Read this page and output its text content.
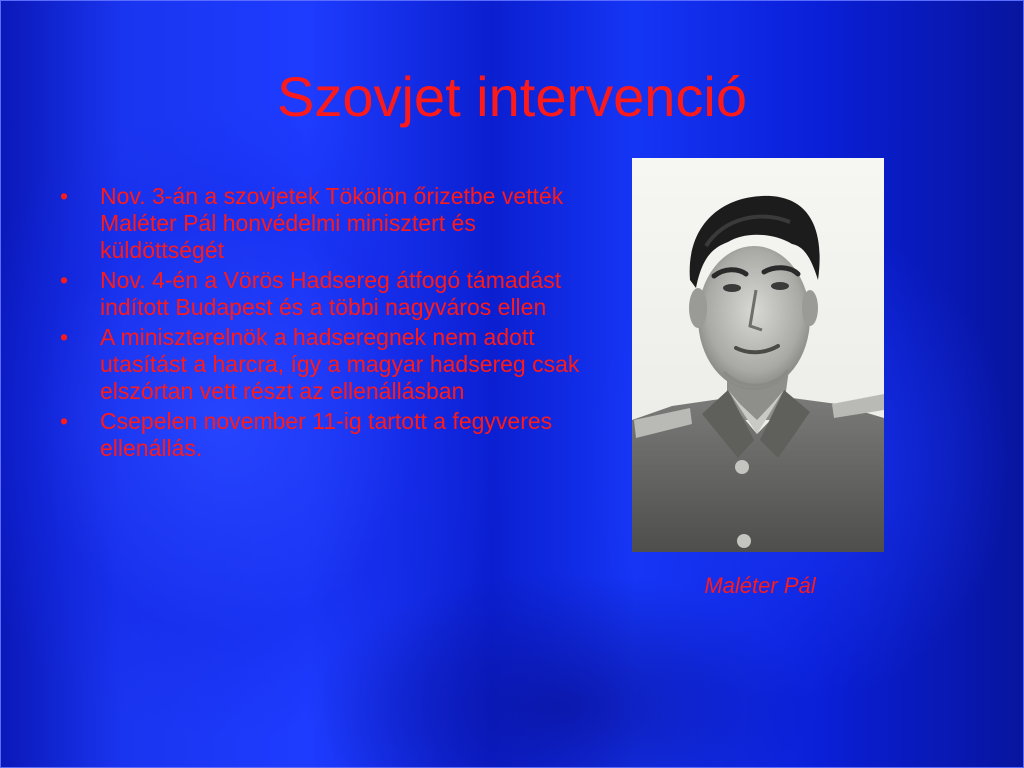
Szovjet intervenció
• Nov. 3-án a szovjetek Tökölön őrizetbe vették Maléter Pál honvédelmi minisztert és küldöttségét
• Nov. 4-én a Vörös Hadsereg átfogó támadást indított Budapest és a többi nagyváros ellen
• A miniszterelnök a hadseregnek nem adott utasítást a harcra, így a magyar hadsereg csak elszórtan vett részt az ellenállásban
• Csepelen november 11-ig tartott a fegyveres ellenállás.
Maléter Pál
